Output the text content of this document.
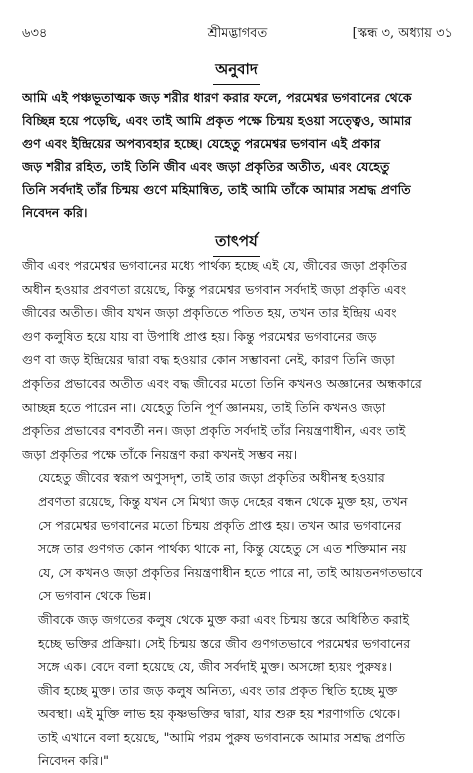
৬৩৪	শ্রীমদ্ভাগবত	[স্কন্ধ ৩, অধ্যায় ৩১
অনুবাদ
আমি এই পঞ্চভূতাত্মক জড় শরীর ধারণ করার ফলে, পরমেশ্বর ভগবানের থেকে
বিচ্ছিন্ন হয়ে পড়েছি, এবং তাই আমি প্রকৃত পক্ষে চিন্ময় হওয়া সত্ত্বেও, আমার
গুণ এবং ইন্দ্রিয়ের অপব্যবহার হচ্ছে। যেহেতু পরমেশ্বর ভগবান এই প্রকার
জড় শরীর রহিত, তাই তিনি জীব এবং জড়া প্রকৃতির অতীত, এবং যেহেতু
তিনি সর্বদাই তাঁর চিন্ময় গুণে মহিমান্বিত, তাই আমি তাঁকে আমার সশ্রদ্ধ প্রণতি
নিবেদন করি।
তাৎপর্য

জীব এবং পরমেশ্বর ভগবানের মধ্যে পার্থক্য হচ্ছে এই যে, জীবের জড়া প্রকৃতির
অধীন হওয়ার প্রবণতা রয়েছে, কিন্তু পরমেশ্বর ভগবান সর্বদাই জড়া প্রকৃতি এবং
জীবের অতীত। জীব যখন জড়া প্রকৃতিতে পতিত হয়, তখন তার ইন্দ্রিয় এবং
গুণ কলুষিত হয়ে যায় বা উপাধি প্রাপ্ত হয়। কিন্তু পরমেশ্বর ভগবানের জড়
গুণ বা জড় ইন্দ্রিয়ের দ্বারা বদ্ধ হওয়ার কোন সম্ভাবনা নেই, কারণ তিনি জড়া
প্রকৃতির প্রভাবের অতীত এবং বদ্ধ জীবের মতো তিনি কখনও অজ্ঞানের অন্ধকারে
আচ্ছন্ন হতে পারেন না। যেহেতু তিনি পূর্ণ জ্ঞানময়, তাই তিনি কখনও জড়া
প্রকৃতির প্রভাবের বশবর্তী নন। জড়া প্রকৃতি সর্বদাই তাঁর নিয়ন্ত্রণাধীন, এবং তাই
জড়া প্রকৃতির পক্ষে তাঁকে নিয়ন্ত্রণ করা কখনই সম্ভব নয়।

যেহেতু জীবের স্বরূপ অণুসদৃশ, তাই তার জড়া প্রকৃতির অধীনস্থ হওয়ার
প্রবণতা রয়েছে, কিন্তু যখন সে মিথ্যা জড় দেহের বন্ধন থেকে মুক্ত হয়, তখন
সে পরমেশ্বর ভগবানের মতো চিন্ময় প্রকৃতি প্রাপ্ত হয়। তখন আর ভগবানের
সঙ্গে তার গুণগত কোন পার্থক্য থাকে না, কিন্তু যেহেতু সে এত শক্তিমান নয়
যে, সে কখনও জড়া প্রকৃতির নিয়ন্ত্রণাধীন হতে পারে না, তাই আয়তনগতভাবে
সে ভগবান থেকে ভিন্ন।

জীবকে জড় জগতের কলুষ থেকে মুক্ত করা এবং চিন্ময় স্তরে অধিষ্ঠিত করাই
হচ্ছে ভক্তির প্রক্রিয়া। সেই চিন্ময় স্তরে জীব গুণগতভাবে পরমেশ্বর ভগবানের
সঙ্গে এক। বেদে বলা হয়েছে যে, জীব সর্বদাই মুক্ত। অসঙ্গো হ্যয়ং পুরুষঃ।
জীব হচ্ছে মুক্ত। তার জড় কলুষ অনিত্য, এবং তার প্রকৃত স্থিতি হচ্ছে মুক্ত
অবস্থা। এই মুক্তি লাভ হয় কৃষ্ণভক্তির দ্বারা, যার শুরু হয় শরণাগতি থেকে।
তাই এখানে বলা হয়েছে, "আমি পরম পুরুষ ভগবানকে আমার সশ্রদ্ধ প্রণতি
নিবেদন করি।"
